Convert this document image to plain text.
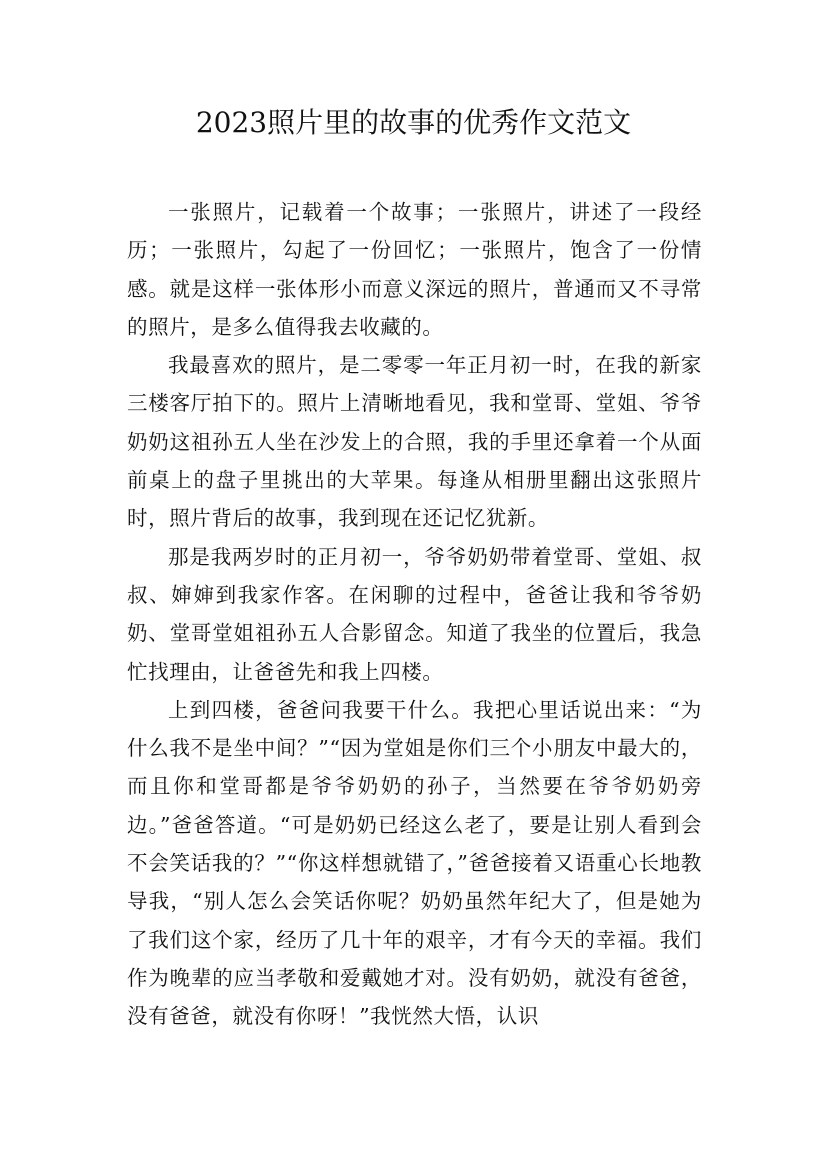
2023照片里的故事的优秀作文范文

一张照片，记载着一个故事；一张照片，讲述了一段经历；一张照片，勾起了一份回忆；一张照片，饱含了一份情感。就是这样一张体形小而意义深远的照片，普通而又不寻常的照片，是多么值得我去收藏的。

我最喜欢的照片，是二零零一年正月初一时，在我的新家三楼客厅拍下的。照片上清晰地看见，我和堂哥、堂姐、爷爷奶奶这祖孙五人坐在沙发上的合照，我的手里还拿着一个从面前桌上的盘子里挑出的大苹果。每逢从相册里翻出这张照片时，照片背后的故事，我到现在还记忆犹新。

那是我两岁时的正月初一，爷爷奶奶带着堂哥、堂姐、叔叔、婶婶到我家作客。在闲聊的过程中，爸爸让我和爷爷奶奶、堂哥堂姐祖孙五人合影留念。知道了我坐的位置后，我急忙找理由，让爸爸先和我上四楼。

上到四楼，爸爸问我要干什么。我把心里话说出来：“为什么我不是坐中间？”“因为堂姐是你们三个小朋友中最大的，而且你和堂哥都是爷爷奶奶的孙子，当然要在爷爷奶奶旁边。”爸爸答道。“可是奶奶已经这么老了，要是让别人看到会不会笑话我的？”“你这样想就错了，”爸爸接着又语重心长地教导我，“别人怎么会笑话你呢？奶奶虽然年纪大了，但是她为了我们这个家，经历了几十年的艰辛，才有今天的幸福。我们作为晚辈的应当孝敬和爱戴她才对。没有奶奶，就没有爸爸，没有爸爸，就没有你呀！”我恍然大悟，认识
